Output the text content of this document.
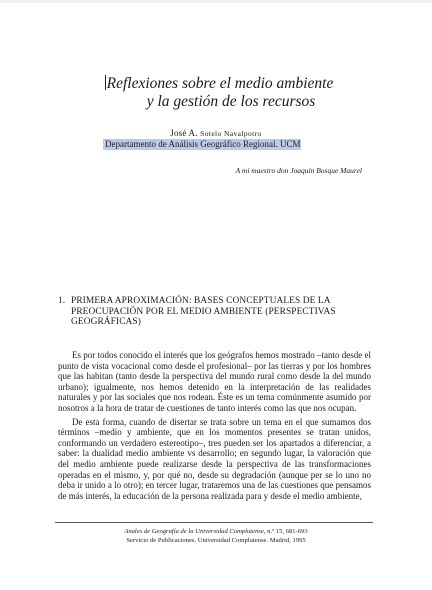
Reflexiones sobre el medio ambiente
y la gestión de los recursos
José A. Sotelo Navalpotro
Departamento de Análisis Geográfico Regional. UCM
A mi maestro don Joaquín Bosque Maurel
1. PRIMERA APROXIMACIÓN: BASES CONCEPTUALES DE LA PREOCUPACIÓN POR EL MEDIO AMBIENTE (PERSPECTIVAS GEOGRÁFICAS)

Es por todos conocido el interés que los geógrafos hemos mostrado –tanto desde el punto de vista vocacional como desde el profesional– por las tierras y por los hombres que las habitan (tanto desde la perspectiva del mundo rural como desde la del mundo urbano); igualmente, nos hemos detenido en la interpretación de las realidades naturales y por las sociales que nos rodean. Éste es un tema comúnmente asumido por nosotros a la hora de tratar de cuestiones de tanto interés como las que nos ocupan.

De esta forma, cuando de disertar se trata sobre un tema en el que sumamos dos términos –medio y ambiente, que en los momentos presentes se tratan unidos, conformando un verdadero estereotipo–, tres pueden ser los apartados a diferenciar, a saber: la dualidad medio ambiente vs desarrollo; en segundo lugar, la valoración que del medio ambiente puede realizarse desde la perspectiva de las transformaciones operadas en el mismo, y, por qué no, desde su degradación (aunque per se lo uno no deba ir unido a lo otro); en tercer lugar, trataremos una de las cuestiones que pensamos de más interés, la educación de la persona realizada para y desde el medio ambiente,

Anales de Geografía de la Universidad Complutense, n.º 15, 681-693
Servicio de Publicaciones. Universidad Complutense. Madrid, 1995
